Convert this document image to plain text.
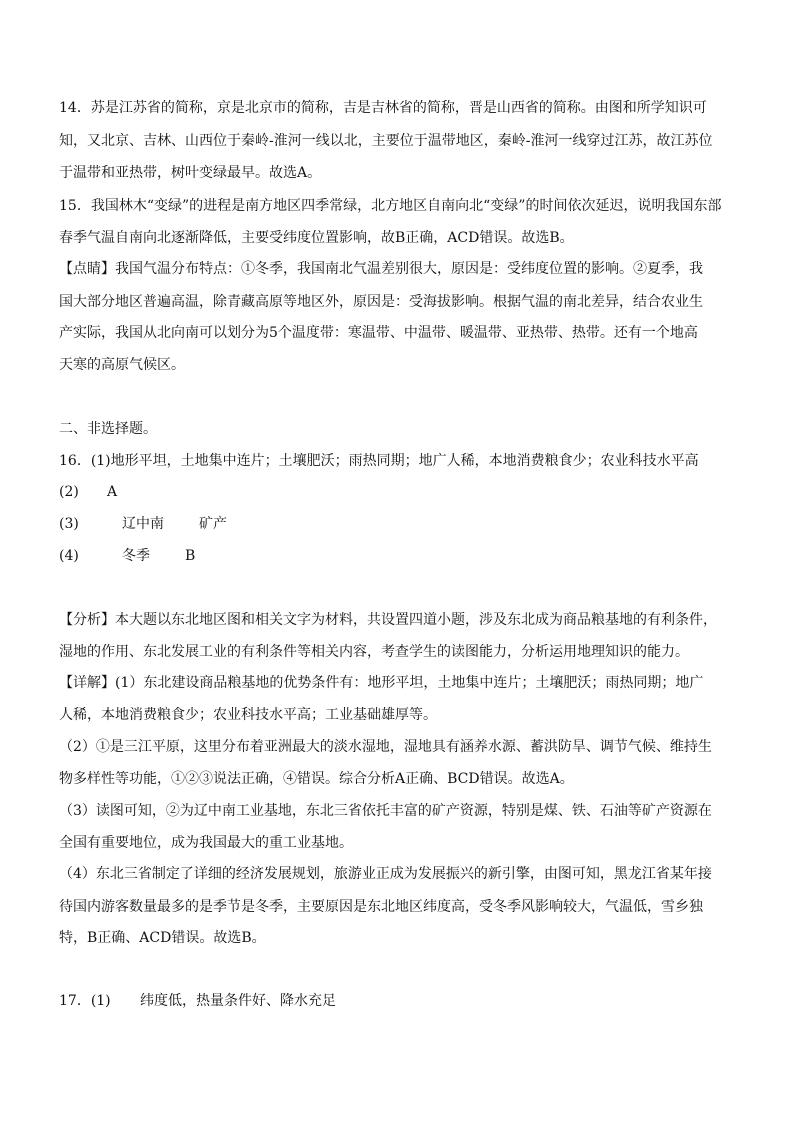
14．苏是江苏省的简称，京是北京市的简称，吉是吉林省的简称，晋是山西省的简称。由图和所学知识可
知，又北京、吉林、山西位于秦岭-淮河一线以北，主要位于温带地区，秦岭-淮河一线穿过江苏，故江苏位
于温带和亚热带，树叶变绿最早。故选A。
15．我国林木“变绿”的进程是南方地区四季常绿，北方地区自南向北“变绿”的时间依次延迟，说明我国东部
春季气温自南向北逐渐降低，主要受纬度位置影响，故B正确，ACD错误。故选B。
【点睛】我国气温分布特点：①冬季，我国南北气温差别很大，原因是：受纬度位置的影响。②夏季，我
国大部分地区普遍高温，除青藏高原等地区外，原因是：受海拔影响。根据气温的南北差异，结合农业生
产实际，我国从北向南可以划分为5个温度带：寒温带、中温带、暖温带、亚热带、热带。还有一个地高
天寒的高原气候区。
二、非选择题。
16．(1)地形平坦，土地集中连片；土壤肥沃；雨热同期；地广人稀，本地消费粮食少；农业科技水平高
(2) A
(3)	辽中南	矿产
(4)	冬季	B
【分析】本大题以东北地区图和相关文字为材料，共设置四道小题，涉及东北成为商品粮基地的有利条件，
湿地的作用、东北发展工业的有利条件等相关内容，考查学生的读图能力，分析运用地理知识的能力。
【详解】(1）东北建设商品粮基地的优势条件有：地形平坦，土地集中连片；土壤肥沃；雨热同期；地广
人稀，本地消费粮食少；农业科技水平高；工业基础雄厚等。
（2）①是三江平原，这里分布着亚洲最大的淡水湿地，湿地具有涵养水源、蓄洪防旱、调节气候、维持生
物多样性等功能，①②③说法正确，④错误。综合分析A正确、BCD错误。故选A。
（3）读图可知，②为辽中南工业基地，东北三省依托丰富的矿产资源，特别是煤、铁、石油等矿产资源在
全国有重要地位，成为我国最大的重工业基地。
（4）东北三省制定了详细的经济发展规划，旅游业正成为发展振兴的新引擎，由图可知，黑龙江省某年接
待国内游客数量最多的是季节是冬季，主要原因是东北地区纬度高，受冬季风影响较大，气温低，雪乡独
特，B正确、ACD错误。故选B。
17．(1) 纬度低，热量条件好、降水充足
